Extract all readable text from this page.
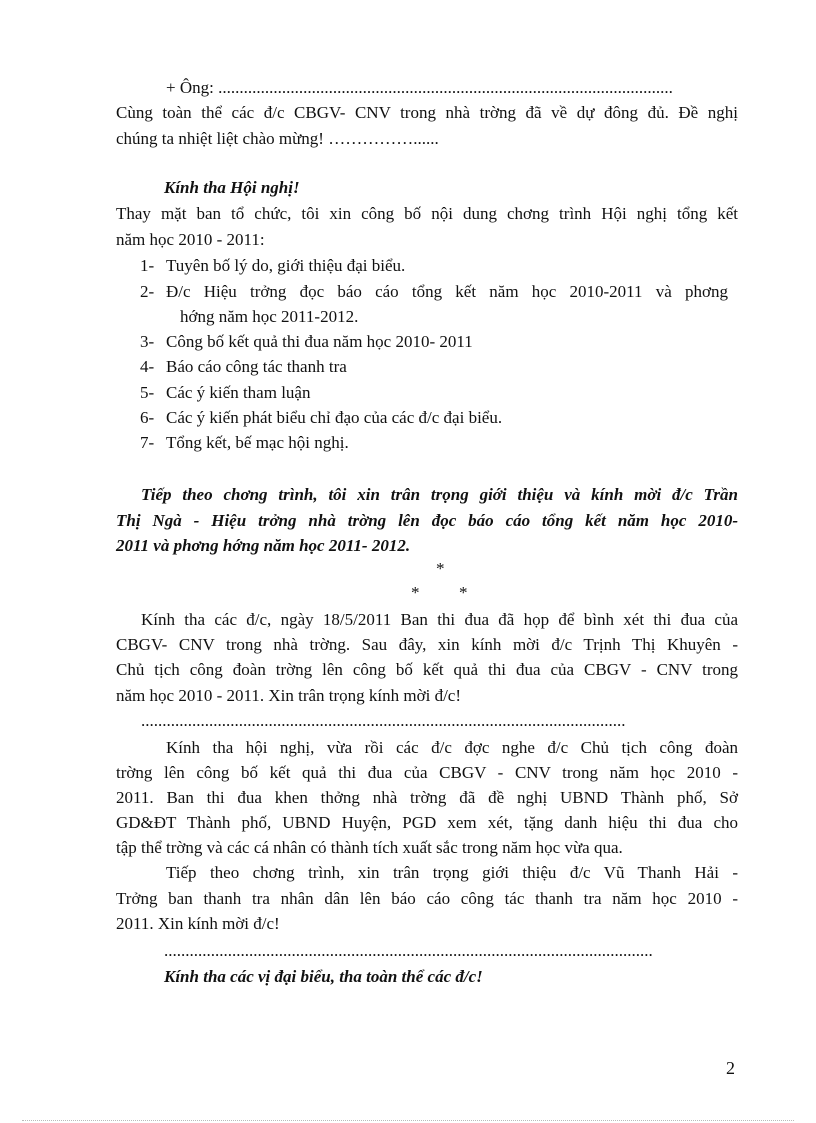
+ Ông: ...........................................................................................................
Cùng toàn thể các đ/c CBGV- CNV trong nhà trờng đã về dự đông đủ. Đề nghị
chúng ta nhiệt liệt chào mừng! ……………......
Kính tha Hội nghị!
Thay mặt ban tổ chức, tôi xin công bố nội dung chơng trình Hội nghị tổng kết
năm học 2010 - 2011:
1- Tuyên bố lý do, giới thiệu đại biểu.
2- Đ/c Hiệu trởng đọc báo cáo tổng kết năm học 2010-2011 và phơng
hớng năm học 2011-2012.
3- Công bố kết quả thi đua năm học 2010- 2011
4- Báo cáo công tác thanh tra
5- Các ý kiến tham luận
6- Các ý kiến phát biểu chỉ đạo của các đ/c đại biểu.
7- Tổng kết, bế mạc hội nghị.
Tiếp theo chơng trình, tôi xin trân trọng giới thiệu và kính mời đ/c Trần
Thị Ngà - Hiệu trởng nhà trờng lên đọc báo cáo tổng kết năm học 2010-
2011 và phơng hớng năm học 2011- 2012.
*
* *
Kính tha các đ/c, ngày 18/5/2011 Ban thi đua đã họp để bình xét thi đua của
CBGV- CNV trong nhà trờng. Sau đây, xin kính mời đ/c Trịnh Thị Khuyên -
Chủ tịch công đoàn trờng lên công bố kết quả thi đua của CBGV - CNV trong
năm học 2010 - 2011. Xin trân trọng kính mời đ/c!
..................................................................................................................
Kính tha hội nghị, vừa rồi các đ/c đợc nghe đ/c Chủ tịch công đoàn
trờng lên công bố kết quả thi đua của CBGV - CNV trong năm học 2010 -
2011. Ban thi đua khen thởng nhà trờng đã đề nghị UBND Thành phố, Sở
GD&ĐT Thành phố, UBND Huyện, PGD xem xét, tặng danh hiệu thi đua cho
tập thể trờng và các cá nhân có thành tích xuất sắc trong năm học vừa qua.
Tiếp theo chơng trình, xin trân trọng giới thiệu đ/c Vũ Thanh Hải -
Trởng ban thanh tra nhân dân lên báo cáo công tác thanh tra năm học 2010 -
2011. Xin kính mời đ/c!
...................................................................................................................
Kính tha các vị đại biểu, tha toàn thể các đ/c!
2
